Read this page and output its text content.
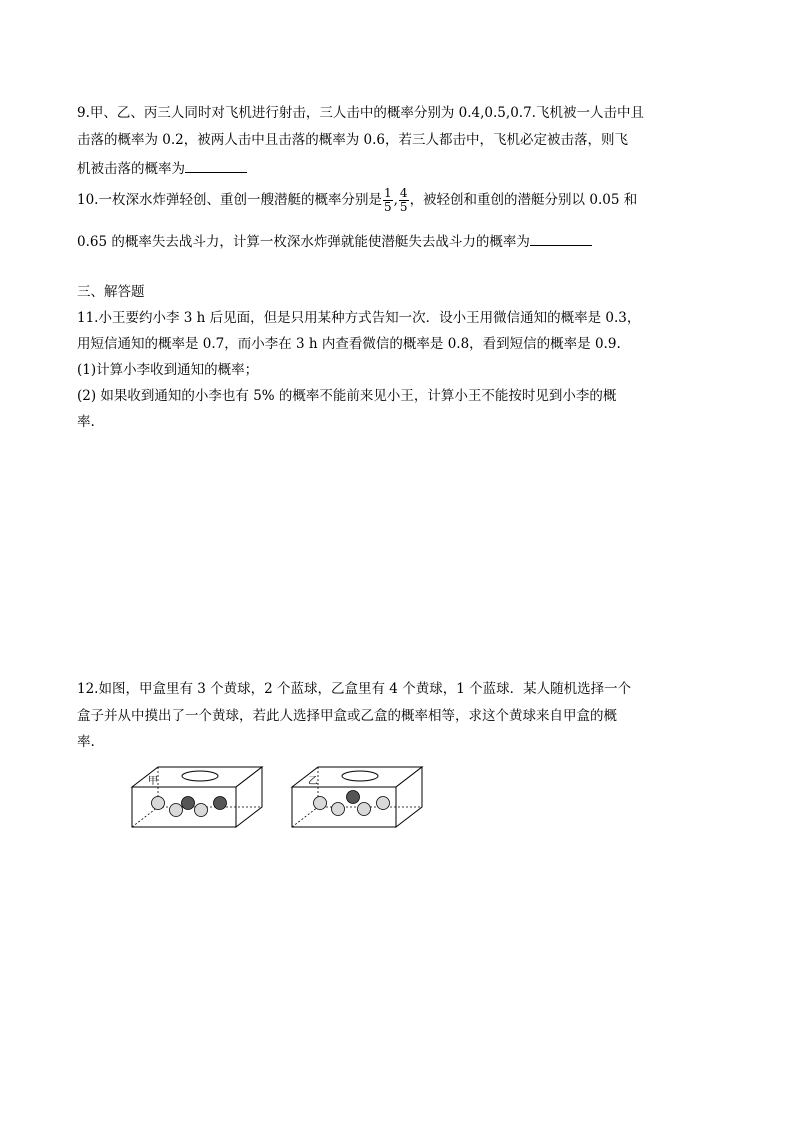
9.甲、乙、丙三人同时对飞机进行射击，三人击中的概率分别为 0.4,0.5,0.7.飞机被一人击中且
击落的概率为 0.2，被两人击中且击落的概率为 0.6，若三人都击中，飞机必定被击落，则飞
机被击落的概率为
10.一枚深水炸弹轻创、重创一艘潜艇的概率分别是 $\frac{1}{5}$ , $\frac{4}{5}$ ，被轻创和重创的潜艇分别以 0.05 和
0.65 的概率失去战斗力，计算一枚深水炸弹就能使潜艇失去战斗力的概率为
三、解答题
11.小王要约小李 3 h 后见面，但是只用某种方式告知一次．设小王用微信通知的概率是 0.3，
用短信通知的概率是 0.7，而小李在 3 h 内查看微信的概率是 0.8，看到短信的概率是 0.9.
(1)计算小李收到通知的概率；
(2) 如果收到通知的小李也有 5% 的概率不能前来见小王，计算小王不能按时见到小李的概
率.
12.如图，甲盒里有 3 个黄球，2 个蓝球，乙盒里有 4 个黄球，1 个蓝球．某人随机选择一个
盒子并从中摸出了一个黄球，若此人选择甲盒或乙盒的概率相等，求这个黄球来自甲盒的概
率.
甲	乙
